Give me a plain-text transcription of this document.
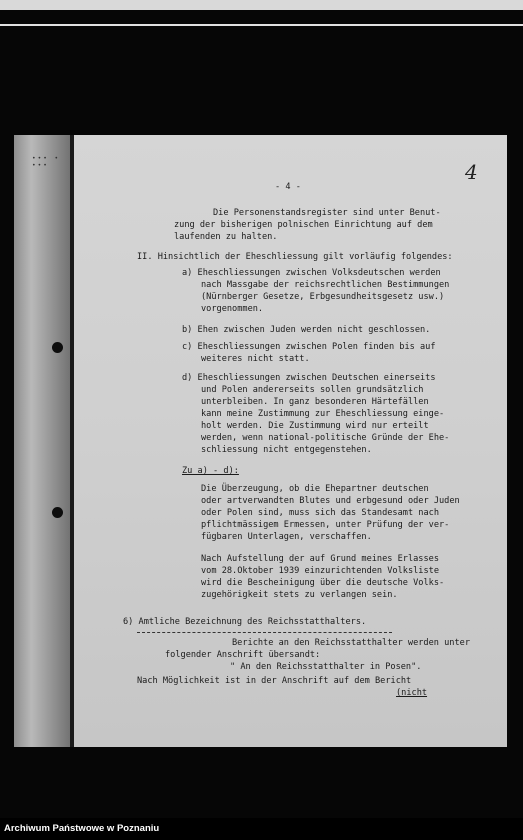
••• • •••
- 4 -
4
Die Personenstandsregister sind unter Benut-
zung der bisherigen polnischen Einrichtung auf dem
laufenden zu halten.
II. Hinsichtlich der Eheschliessung gilt vorläufig folgendes:
a) Eheschliessungen zwischen Volksdeutschen werden
nach Massgabe der reichsrechtlichen Bestimmungen
(Nürnberger Gesetze, Erbgesundheitsgesetz usw.)
vorgenommen.
b) Ehen zwischen Juden werden nicht geschlossen.
c) Eheschliessungen zwischen Polen finden bis auf
weiteres nicht statt.
d) Eheschliessungen zwischen Deutschen einerseits
und Polen andererseits sollen grundsätzlich
unterbleiben. In ganz besonderen Härtefällen
kann meine Zustimmung zur Eheschliessung einge-
holt werden. Die Zustimmung wird nur erteilt
werden, wenn national-politische Gründe der Ehe-
schliessung nicht entgegenstehen.
Zu a) - d):
Die Überzeugung, ob die Ehepartner deutschen
oder artverwandten Blutes und erbgesund oder Juden
oder Polen sind, muss sich das Standesamt nach
pflichtmässigem Ermessen, unter Prüfung der ver-
fügbaren Unterlagen, verschaffen.
Nach Aufstellung der auf Grund meines Erlasses
vom 28.Oktober 1939 einzurichtenden Volksliste
wird die Bescheinigung über die deutsche Volks-
zugehörigkeit stets zu verlangen sein.
6) Amtliche Bezeichnung des Reichsstatthalters.
Berichte an den Reichsstatthalter werden unter
folgender Anschrift übersandt:
" An den Reichsstatthalter in Posen".
Nach Möglichkeit ist in der Anschrift auf dem Bericht
(nicht
Archiwum Państwowe w Poznaniu
